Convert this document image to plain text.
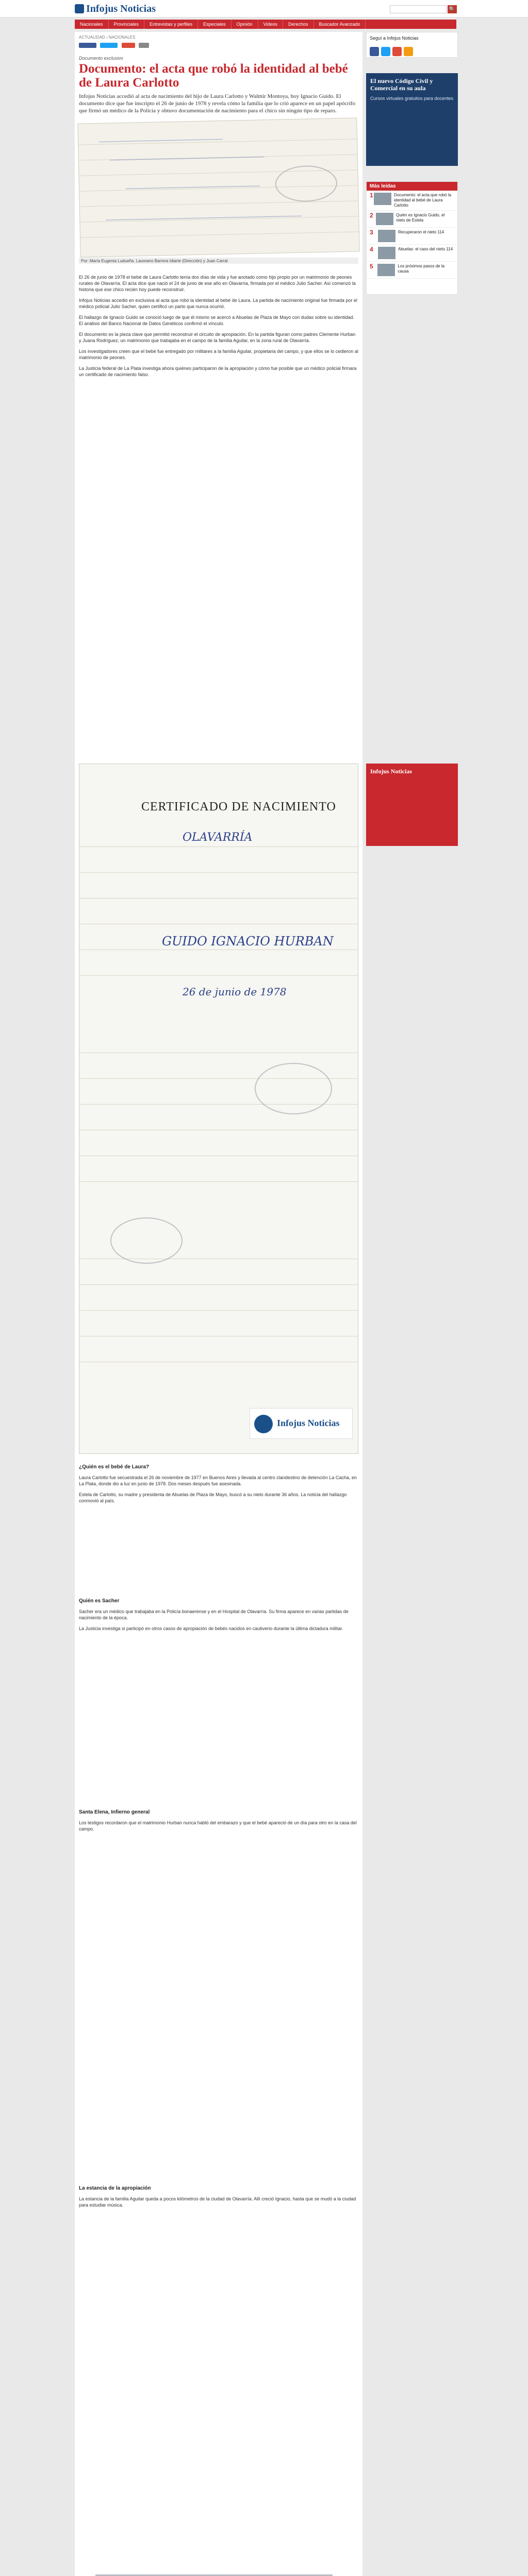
Infojus Noticias	🔍
Nacionales	Provinciales	Entrevistas y perfiles	Especiales	Opinión	Videos	Derechos	Buscador Avanzado
ACTUALIDAD › NACIONALES

Documento exclusivo
Documento: el acta que robó la identidad al bebé de Laura Carlotto
Infojus Noticias accedió al acta de nacimiento del hijo de Laura Carlotto y Walmir Montoya, hoy Ignacio Guido. El documento dice que fue inscripto el 26 de junio de 1978 y revela cómo la familia que lo crió aparece en un papel apócrifo que firmó un médico de la Policía y obtuvo documentación de nacimiento para el chico sin ningún tipo de reparo.
Por: María Eugenia Ludueña. Laureano Barrera Idiarte (Dirección) y Juan Carral

El 26 de junio de 1978 el bebé de Laura Carlotto tenía dos días de vida y fue anotado como hijo propio por un matrimonio de peones rurales de Olavarría. El acta dice que nació el 24 de junio de ese año en Olavarría, firmada por el médico Julio Sacher. Así comenzó la historia que ese chico recién hoy puede reconstruir.

Infojus Noticias accedió en exclusiva al acta que robó la identidad al bebé de Laura. La partida de nacimiento original fue firmada por el médico policial Julio Sacher, quien certificó un parto que nunca ocurrió.

El hallazgo de Ignacio Guido se conoció luego de que él mismo se acercó a Abuelas de Plaza de Mayo con dudas sobre su identidad. El análisis del Banco Nacional de Datos Genéticos confirmó el vínculo.

El documento es la pieza clave que permitió reconstruir el circuito de apropiación. En la partida figuran como padres Clemente Hurban y Juana Rodríguez, un matrimonio que trabajaba en el campo de la familia Aguilar, en la zona rural de Olavarría.

Los investigadores creen que el bebé fue entregado por militares a la familia Aguilar, propietaria del campo, y que ellos se lo cedieron al matrimonio de peones.

La Justicia federal de La Plata investiga ahora quiénes participaron de la apropiación y cómo fue posible que un médico policial firmara un certificado de nacimiento falso.

CERTIFICADO DE NACIMIENTO
OLAVARRÍA
GUIDO IGNACIO HURBAN
26 de junio de 1978
Infojus Noticias
¿Quién es el bebé de Laura?

Laura Carlotto fue secuestrada el 26 de noviembre de 1977 en Buenos Aires y llevada al centro clandestino de detención La Cacha, en La Plata, donde dio a luz en junio de 1978. Dos meses después fue asesinada.

Estela de Carlotto, su madre y presidenta de Abuelas de Plaza de Mayo, buscó a su nieto durante 36 años. La noticia del hallazgo conmovió al país.

Quién es Sacher

Sacher era un médico que trabajaba en la Policía bonaerense y en el Hospital de Olavarría. Su firma aparece en varias partidas de nacimiento de la época.

La Justicia investiga si participó en otros casos de apropiación de bebés nacidos en cautiverio durante la última dictadura militar.

Santa Elena, Infierno general

Los testigos recordaron que el matrimonio Hurban nunca habló del embarazo y que el bebé apareció de un día para otro en la casa del campo.

La estancia de la apropiación

La estancia de la familia Aguilar queda a pocos kilómetros de la ciudad de Olavarría. Allí creció Ignacio, hasta que se mudó a la ciudad para estudiar música.

Seguí a Infojus Noticias
El nuevo Código Civil y Comercial en su aula
Cursos virtuales gratuitos para docentes
Más leídas
1	Documento: el acta que robó la identidad al bebé de Laura Carlotto
2	Quién es Ignacio Guido, el nieto de Estela
3	Recuperaron el nieto 114
4	Abuelas: el caso del nieto 114
5	Los próximos pasos de la causa
Infojus Noticias
